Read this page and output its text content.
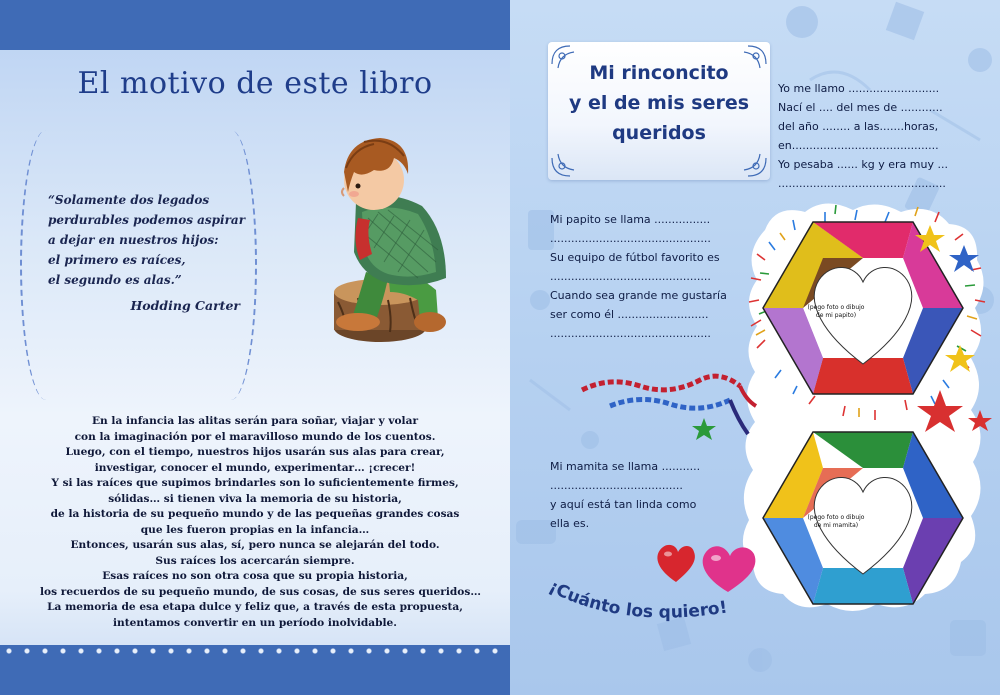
El motivo de este libro
“Solamente dos legados
perdurables podemos aspirar
a dejar en nuestros hijos:
el primero es raíces,
el segundo es alas.”
Hodding Carter
En la infancia las alitas serán para soñar, viajar y volar
con la imaginación por el maravilloso mundo de los cuentos.
Luego, con el tiempo, nuestros hijos usarán sus alas para crear,
investigar, conocer el mundo, experimentar… ¡crecer!
Y si las raíces que supimos brindarles son lo suficientemente firmes,
sólidas… si tienen viva la memoria de su historia,
de la historia de su pequeño mundo y de las pequeñas grandes cosas
que les fueron propias en la infancia…
Entonces, usarán sus alas, sí, pero nunca se alejarán del todo.
Sus raíces los acercarán siempre.
Esas raíces no son otra cosa que su propia historia,
los recuerdos de su pequeño mundo, de sus cosas, de sus seres queridos…
La memoria de esa etapa dulce y feliz que, a través de esta propuesta,
intentamos convertir en un período inolvidable.
Mi rinconcito
y el de mis seres
queridos
Yo me llamo ..........................
Nací el .... del mes de ............
del año ........ a las.......horas,
en..........................................
Yo pesaba ...... kg y era muy ...
................................................
Mi papito se llama ................
..............................................
Su equipo de fútbol favorito es
..............................................
Cuando sea grande me gustaría
ser como él ..........................
..............................................
Mi mamita se llama ...........
......................................
y aquí está tan linda como
ella es.
(pego foto o dibujo
de mi papito)
(pego foto o dibujo
de mi mamita)
¡Cuánto los quiero!
